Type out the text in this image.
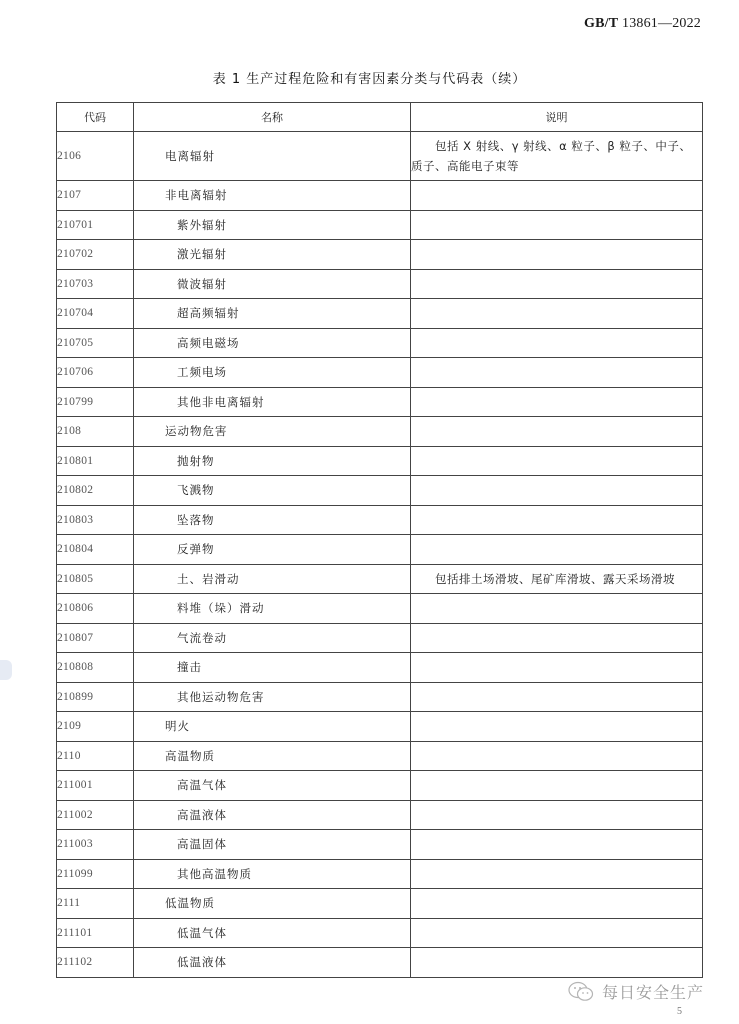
GB/T 13861—2022
表 1 生产过程危险和有害因素分类与代码表（续）
代码	名称	说明
2106	电离辐射	包括 X 射线、γ 射线、α 粒子、β 粒子、中子、质子、高能电子束等
2107	非电离辐射	
210701	紫外辐射	
210702	激光辐射	
210703	微波辐射	
210704	超高频辐射	
210705	高频电磁场	
210706	工频电场	
210799	其他非电离辐射	
2108	运动物危害	
210801	抛射物	
210802	飞溅物	
210803	坠落物	
210804	反弹物	
210805	土、岩滑动	包括排土场滑坡、尾矿库滑坡、露天采场滑坡
210806	料堆（垛）滑动	
210807	气流卷动	
210808	撞击	
210899	其他运动物危害	
2109	明火	
2110	高温物质	
211001	高温气体	
211002	高温液体	
211003	高温固体	
211099	其他高温物质	
2111	低温物质	
211101	低温气体	
211102	低温液体	
每日安全生产
5
